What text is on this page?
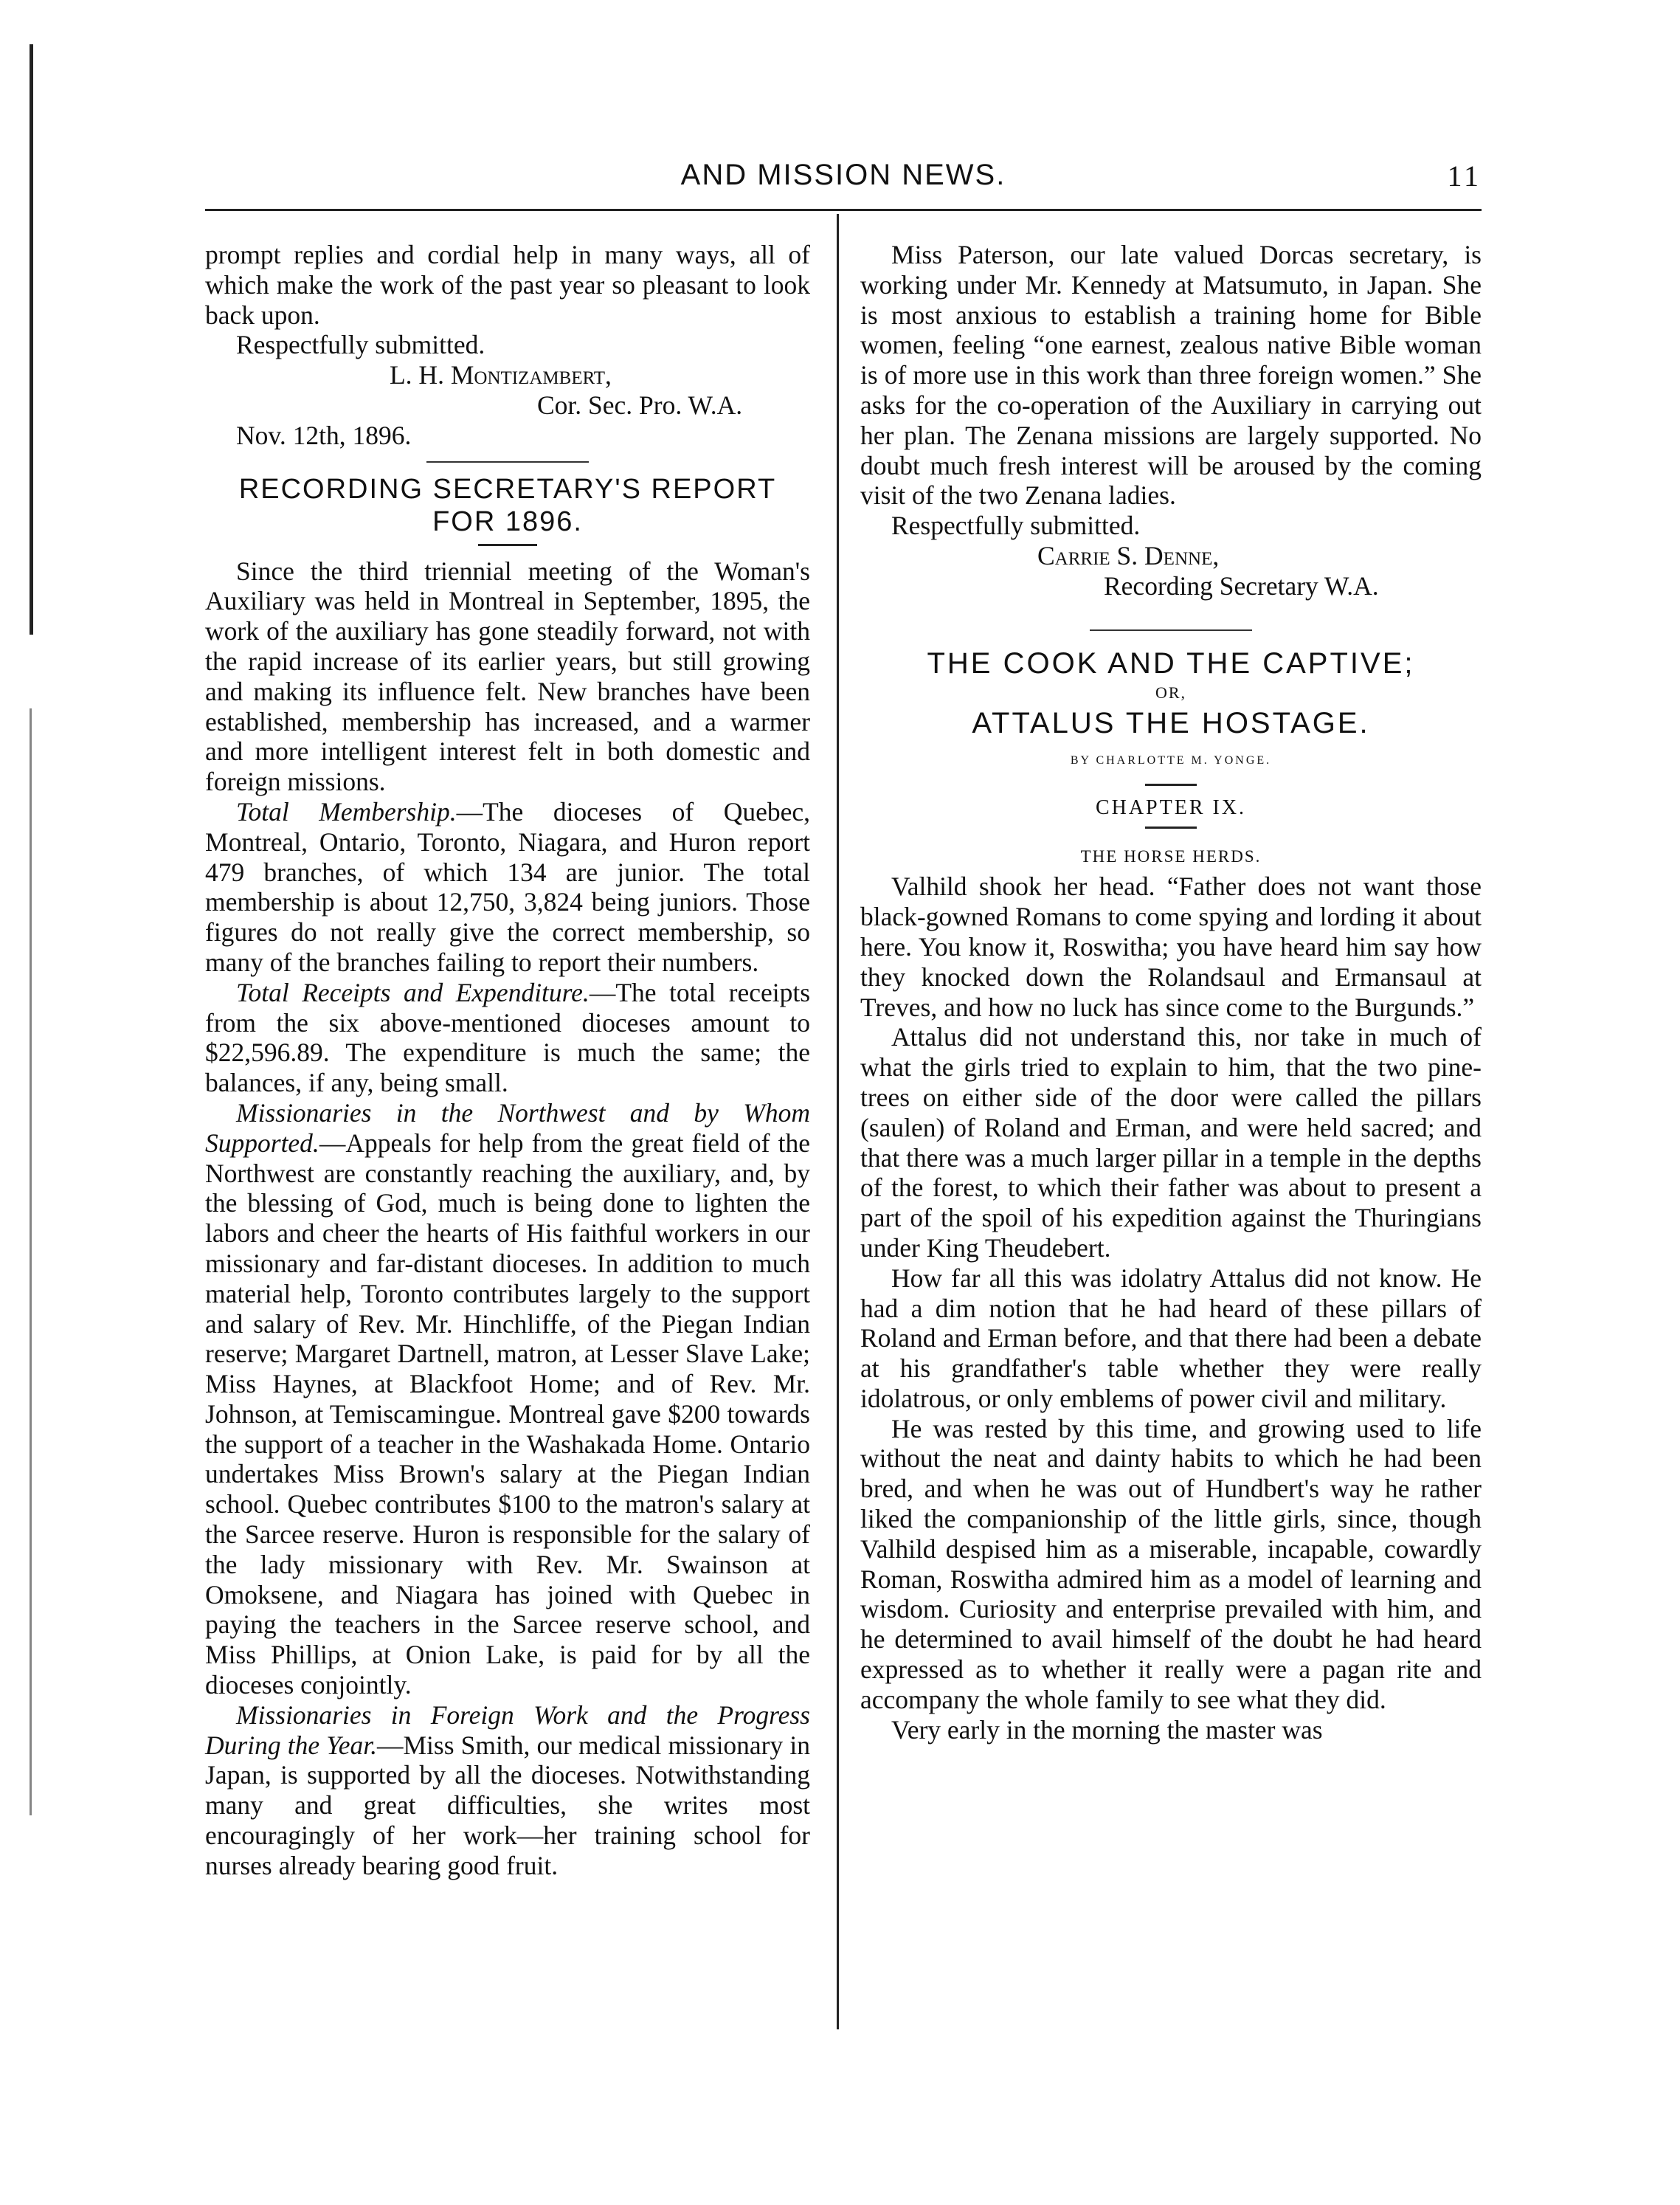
AND MISSION NEWS.	11

prompt replies and cordial help in many ways, all of which make the work of the past year so pleasant to look back upon.

Respectfully submitted.
L. H. Montizambert,
Cor. Sec. Pro. W.A.
Nov. 12th, 1896.
RECORDING SECRETARY'S REPORT FOR 1896.

Since the third triennial meeting of the Woman's Auxiliary was held in Montreal in September, 1895, the work of the auxiliary has gone steadily forward, not with the rapid increase of its earlier years, but still growing and making its influence felt. New branches have been established, membership has increased, and a warmer and more intelligent interest felt in both domestic and foreign missions.

Total Membership.—The dioceses of Quebec, Montreal, Ontario, Toronto, Niagara, and Huron report 479 branches, of which 134 are junior. The total membership is about 12,750, 3,824 being juniors. Those figures do not really give the correct membership, so many of the branches failing to report their numbers.

Total Receipts and Expenditure.—The total receipts from the six above-mentioned dioceses amount to $22,596.89. The expenditure is much the same; the balances, if any, being small.

Missionaries in the Northwest and by Whom Supported.—Appeals for help from the great field of the Northwest are constantly reaching the auxiliary, and, by the blessing of God, much is being done to lighten the labors and cheer the hearts of His faithful workers in our missionary and far-distant dioceses. In addition to much material help, Toronto contributes largely to the support and salary of Rev. Mr. Hinchliffe, of the Piegan Indian reserve; Margaret Dartnell, matron, at Lesser Slave Lake; Miss Haynes, at Blackfoot Home; and of Rev. Mr. Johnson, at Temiscamingue. Montreal gave $200 towards the support of a teacher in the Washakada Home. Ontario undertakes Miss Brown's salary at the Piegan Indian school. Quebec contributes $100 to the matron's salary at the Sarcee reserve. Huron is responsible for the salary of the lady missionary with Rev. Mr. Swainson at Omoksene, and Niagara has joined with Quebec in paying the teachers in the Sarcee reserve school, and Miss Phillips, at Onion Lake, is paid for by all the dioceses conjointly.

Missionaries in Foreign Work and the Progress During the Year.—Miss Smith, our medical missionary in Japan, is supported by all the dioceses. Notwithstanding many and great difficulties, she writes most encouragingly of her work—her training school for nurses already bearing good fruit.

Miss Paterson, our late valued Dorcas secretary, is working under Mr. Kennedy at Matsumuto, in Japan. She is most anxious to establish a training home for Bible women, feeling “one earnest, zealous native Bible woman is of more use in this work than three foreign women.” She asks for the co-operation of the Auxiliary in carrying out her plan. The Zenana missions are largely supported. No doubt much fresh interest will be aroused by the coming visit of the two Zenana ladies.

Respectfully submitted.
Carrie S. Denne,
Recording Secretary W.A.
THE COOK AND THE CAPTIVE;
OR,
ATTALUS THE HOSTAGE.
BY CHARLOTTE M. YONGE.
CHAPTER IX.
THE HORSE HERDS.

Valhild shook her head. “Father does not want those black-gowned Romans to come spying and lording it about here. You know it, Roswitha; you have heard him say how they knocked down the Rolandsaul and Ermansaul at Treves, and how no luck has since come to the Burgunds.”

Attalus did not understand this, nor take in much of what the girls tried to explain to him, that the two pine-trees on either side of the door were called the pillars (saulen) of Roland and Erman, and were held sacred; and that there was a much larger pillar in a temple in the depths of the forest, to which their father was about to present a part of the spoil of his expedition against the Thuringians under King Theudebert.

How far all this was idolatry Attalus did not know. He had a dim notion that he had heard of these pillars of Roland and Erman before, and that there had been a debate at his grandfather's table whether they were really idolatrous, or only emblems of power civil and military.

He was rested by this time, and growing used to life without the neat and dainty habits to which he had been bred, and when he was out of Hundbert's way he rather liked the companionship of the little girls, since, though Valhild despised him as a miserable, incapable, cowardly Roman, Roswitha admired him as a model of learning and wisdom. Curiosity and enterprise prevailed with him, and he determined to avail himself of the doubt he had heard expressed as to whether it really were a pagan rite and accompany the whole family to see what they did.

Very early in the morning the master was
